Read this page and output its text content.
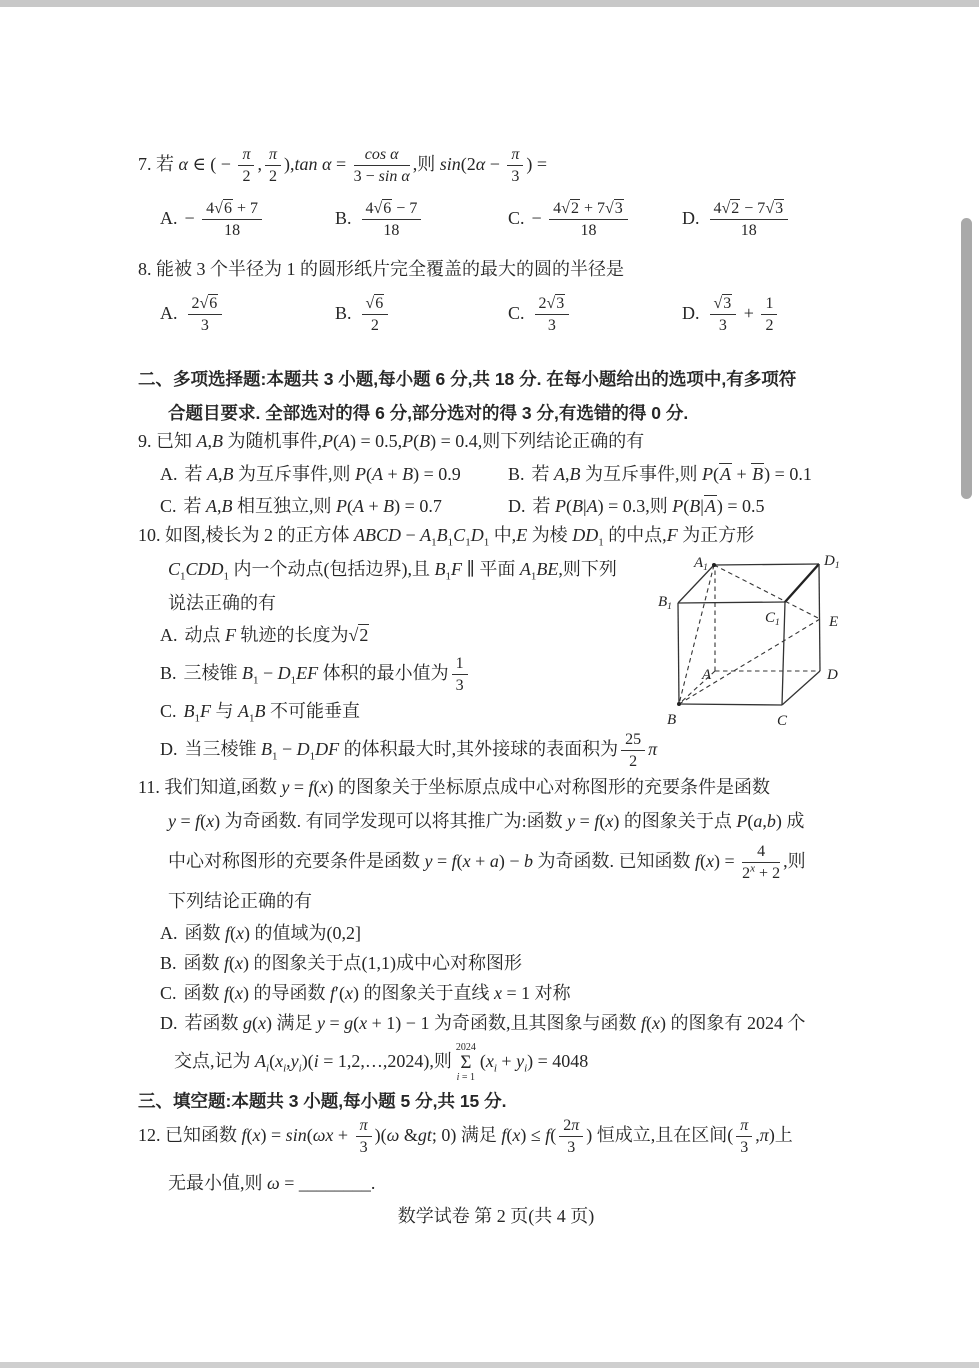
7. 若 α ∈ ( − $\frac{\pi}{2}$ , $\frac{\pi}{2} ),\tan$ $\alpha = \frac{\text{cos α}}{\text{3 − sin α}}$ ,则 $\sin(2\alpha - \frac{\pi}{3}$ ) =
A. − $\frac{4√6 + 7}{18}$	B. $\frac{4√6 - 7}{18}$	C. − $\frac{4√2 + 7√3}{18}$	D. $\frac{4√2 - 7√3}{18}$
8. 能被 3 个半径为 1 的圆形纸片完全覆盖的最大的圆的半径是
A. $\frac{2√6}{3}$	B. $\frac{√6}{2}$	C. $\frac{2√3}{3}$	D. $\frac{√3}{3} + \frac{1}{2}$
二、多项选择题:本题共 3 小题,每小题 6 分,共 18 分. 在每小题给出的选项中,有多项符
合题目要求. 全部选对的得 6 分,部分选对的得 3 分,有选错的得 0 分.
9. 已知 A,B 为随机事件,P(A) = 0.5,P(B) = 0.4,则下列结论正确的有
A. 若 A,B 为互斥事件,则 P(A + B) = 0.9	B. 若 A,B 为互斥事件,则 P(A + B) = 0.1
C. 若 A,B 相互独立,则 P(A + B) = 0.7	D. 若 P(B|A) = 0.3,则 P(B|A) = 0.5
10. 如图,棱长为 2 的正方体 ABCD − $A_1B_1C_1D_1$ 中,E 为棱 $DD_1$ 的中点,F 为正方形
$C_1CDD_1$ 内一个动点(包括边界),且 $B_1F$ ∥ 平面 $A_1BE$,则下列
说法正确的有
A. 动点 F 轨迹的长度为√2
B. 三棱锥 $B_1 - D_1EF$ 体积的最小值为 $\frac{1}{3}$
C. $B_1F$ 与 $A_1B$ 不可能垂直
D. 当三棱锥 $B_1 - D_1DF$ 的体积最大时,其外接球的表面积为 $\frac{25}{2}$ π
$A_1$	$D_1$
$B_1$
$C_1$	E
A	D
B	C
11. 我们知道,函数 y = f(x) 的图象关于坐标原点成中心对称图形的充要条件是函数
y = f(x) 为奇函数. 有同学发现可以将其推广为:函数 y = f(x) 的图象关于点 P(a,b) 成
中心对称图形的充要条件是函数 y = f(x + a) − b 为奇函数. 已知函数 $f(x) = \frac{4}{2^x + 2}$ ,则
下列结论正确的有
A. 函数 f(x) 的值域为(0,2]
B. 函数 f(x) 的图象关于点(1,1)成中心对称图形
C. 函数 f(x) 的导函数 f′(x) 的图象关于直线 x = 1 对称
D. 若函数 g(x) 满足 y = g(x + 1) − 1 为奇函数,且其图象与函数 f(x) 的图象有 2024 个
交点,记为 $A_i(x_i,y_i)(i$ = 1,2,…,2024),则
2024
Σ
i = 1
$(x_i + y_i) = 4048$
三、填空题:本题共 3 小题,每小题 5 分,共 15 分.
12. 已知函数 $f(x) = \sin(\omega x + \frac{\pi}{3} )(\omega$ &gt; 0) 满足 $f(x) \le f( \frac{2\pi}{3}$ ) 恒成立,且在区间( $\frac{\pi}{3} ,\pi$)上
无最小值,则 ω = ________.
数学试卷 第 2 页(共 4 页)
